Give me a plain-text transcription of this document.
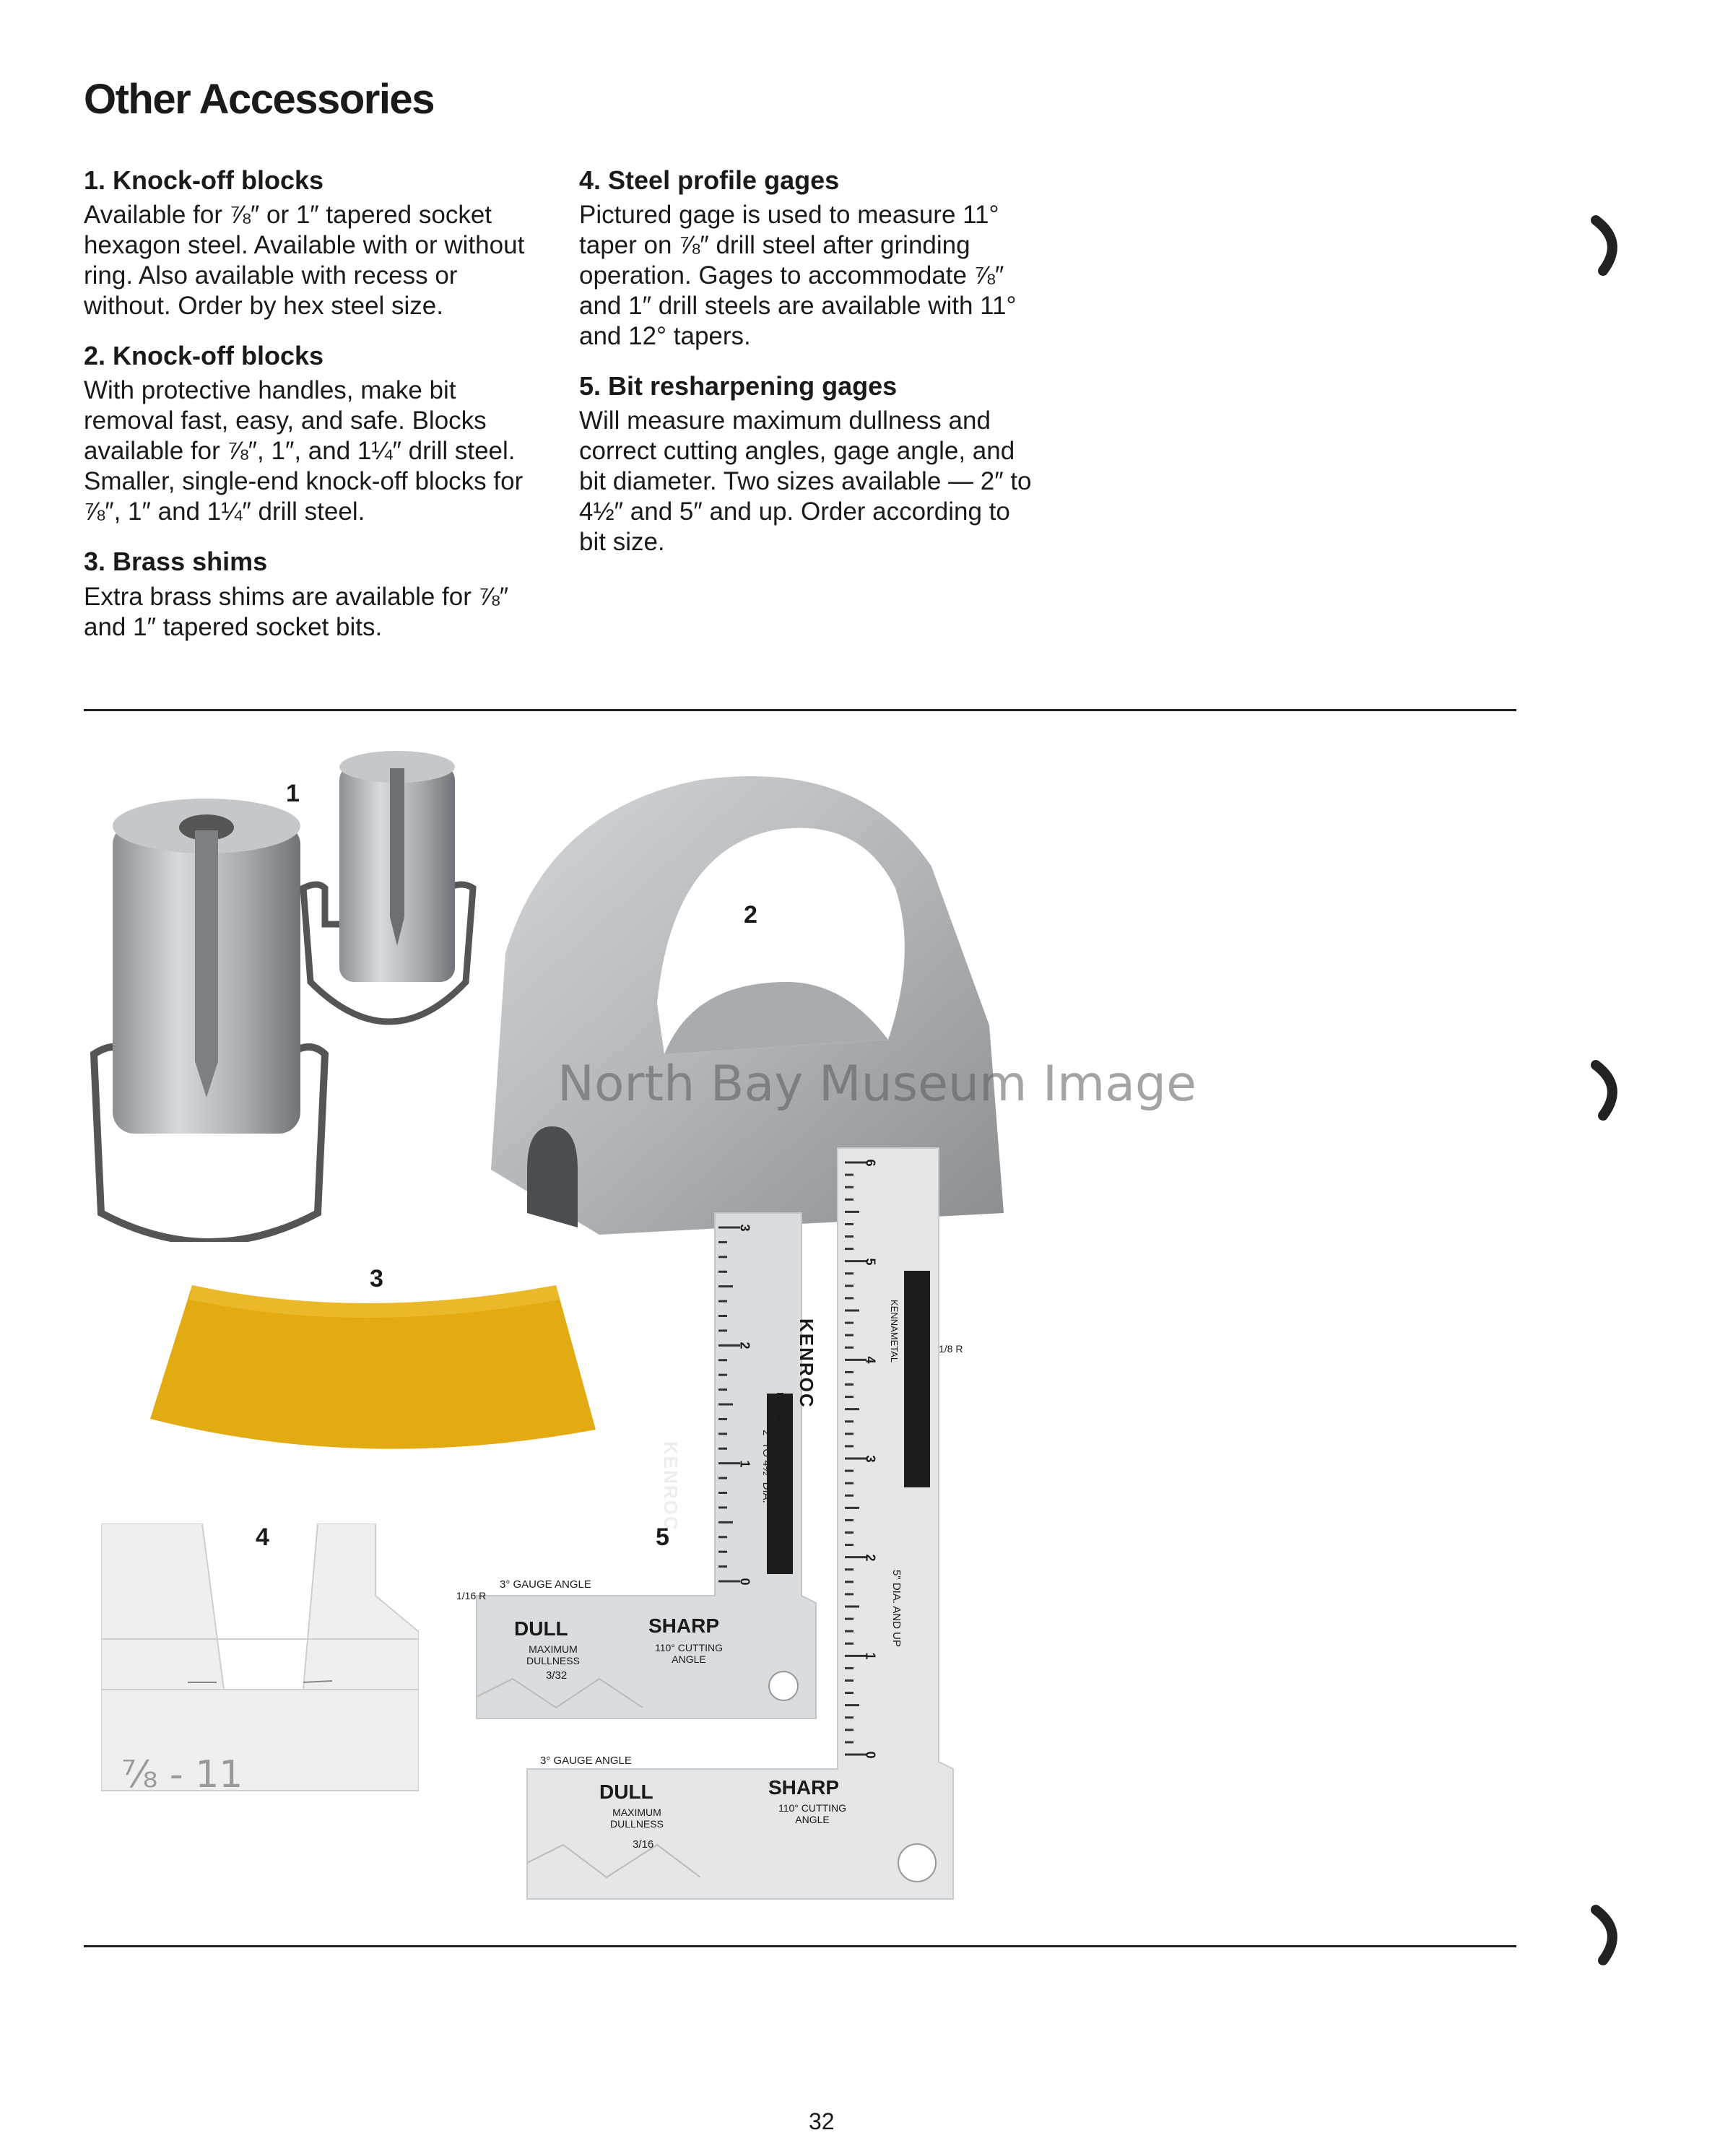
Other Accessories

1. Knock-off blocks

Available for ⅞″ or 1″ tapered socket hexagon steel. Available with or without ring. Also available with recess or without. Order by hex steel size.

2. Knock-off blocks

With protective handles, make bit removal fast, easy, and safe. Blocks available for ⅞″, 1″, and 1¼″ drill steel. Smaller, single-end knock-off blocks for ⅞″, 1″ and 1¼″ drill steel.

3. Brass shims

Extra brass shims are available for ⅞″ and 1″ tapered socket bits.

4. Steel profile gages

Pictured gage is used to measure 11° taper on ⅞″ drill steel after grinding operation. Gages to accommodate ⅞″ and 1″ drill steels are available with 11° and 12° tapers.

5. Bit resharpening gages

Will measure maximum dullness and correct cutting angles, gage angle, and bit diameter. Two sizes available — 2″ to 4½″ and 5″ and up. Order according to bit size.

⅞ - 11
KENROC
KENROC
5" DIA. AND UP
2" TO 4½" DIA.
3° GAUGE ANGLE
DULL
MAXIMUM DULLNESS
3/32
SHARP
110° CUTTING ANGLE
1/16 R
3° GAUGE ANGLE
DULL
MAXIMUM DULLNESS
3/16
SHARP
110° CUTTING ANGLE
1/8 R
KENNAMETAL
KENNAMETAL
0
1
2
3
4
5
6
0
1
2
3
1
2
3
4	5
North Bay Museum Image
32
